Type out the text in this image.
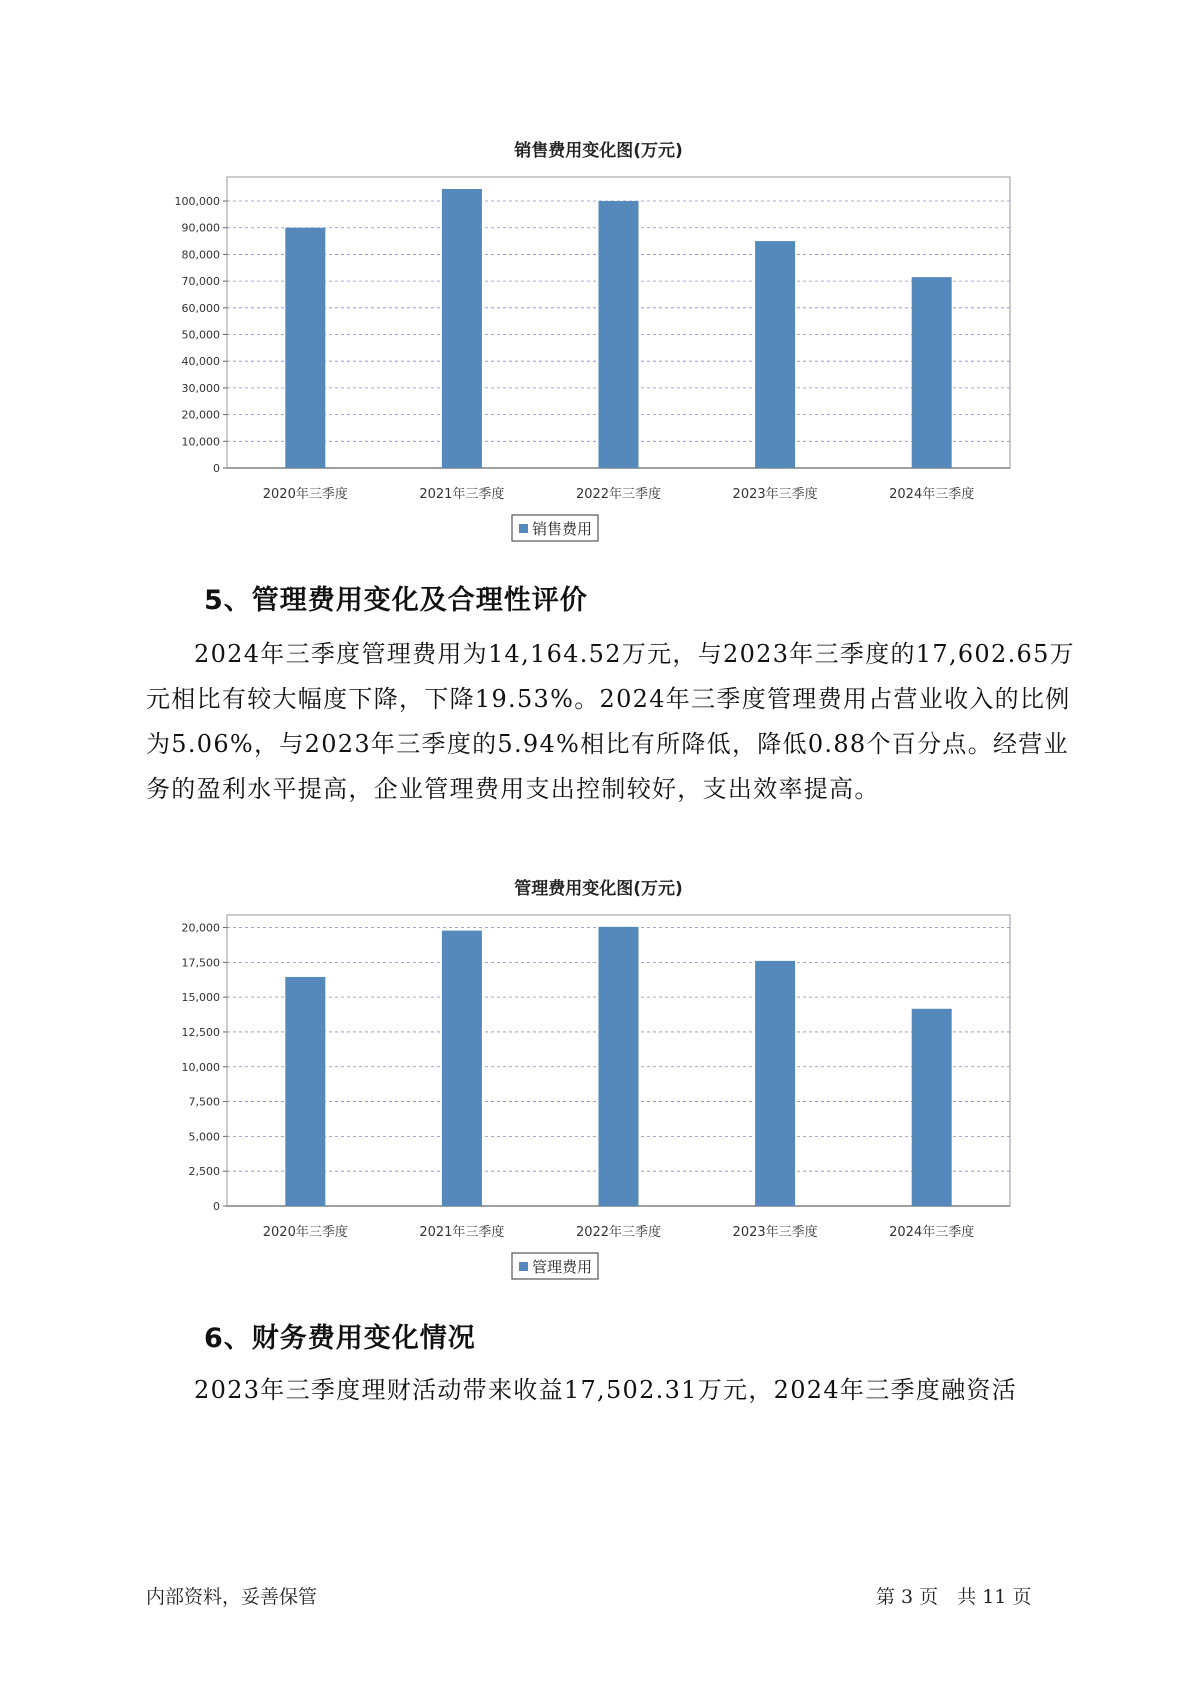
销售费用变化图(万元)
0
10,000
20,000
30,000
40,000
50,000
60,000
70,000
80,000
90,000
100,000
2020年三季度	2021年三季度	2022年三季度	2023年三季度	2024年三季度
销售费用
5、管理费用变化及合理性评价

2024年三季度管理费用为14,164.52万元，与2023年三季度的17,602.65万元相比有较大幅度下降，下降19.53%。2024年三季度管理费用占营业收入的比例为5.06%，与2023年三季度的5.94%相比有所降低，降低0.88个百分点。经营业务的盈利水平提高，企业管理费用支出控制较好，支出效率提高。

管理费用变化图(万元)
0
2,500
5,000
7,500
10,000
12,500
15,000
17,500
20,000
2020年三季度	2021年三季度	2022年三季度	2023年三季度	2024年三季度
管理费用
6、财务费用变化情况

2023年三季度理财活动带来收益17,502.31万元，2024年三季度融资活

内部资料，妥善保管	第 3 页　共 11 页
